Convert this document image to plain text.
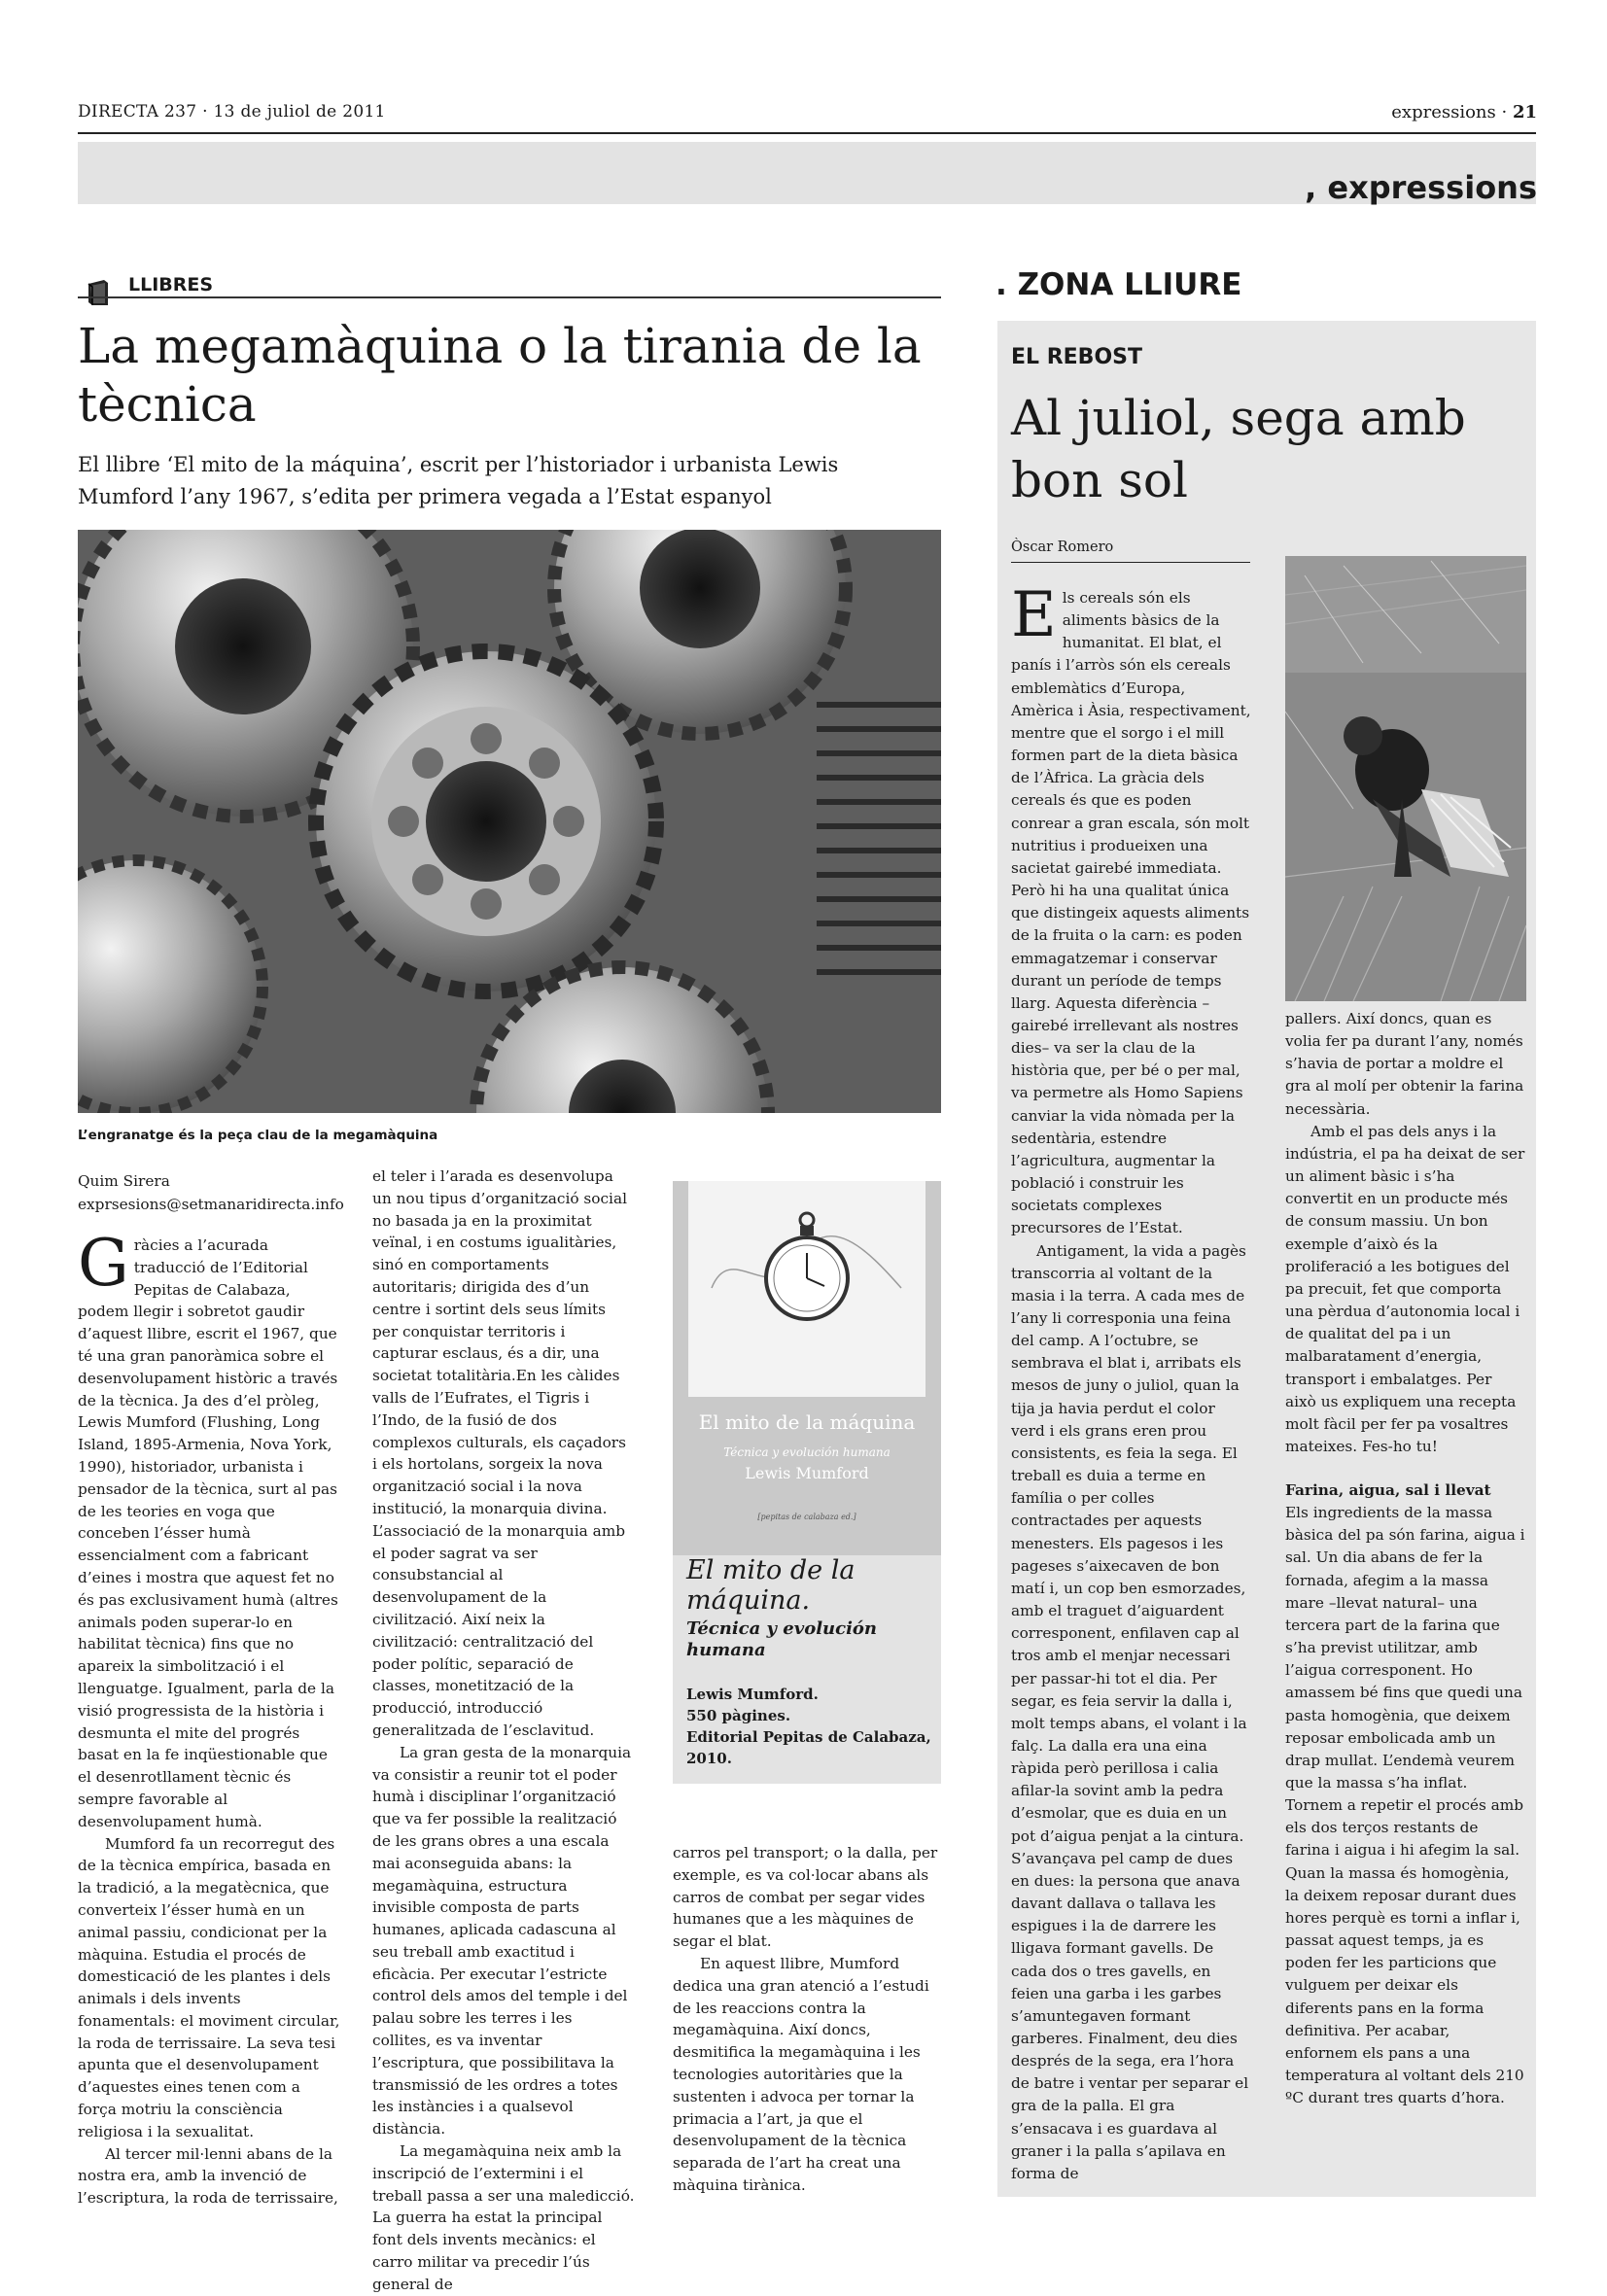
DIRECTA 237 · 13 de juliol de 2011	expressions · 21
, expressions
LLIBRES
La megamàquina o la tirania de la tècnica
El llibre ‘El mito de la máquina’, escrit per l’historiador i urbanista Lewis Mumford l’any 1967, s’edita per primera vegada a l’Estat espanyol
L’engranatge és la peça clau de la megamàquina
Quim Sirera
exprsesions@setmanaridirecta.info

Gràcies a l’acurada traducció de l’Editorial Pepitas de Calabaza, podem llegir i sobretot gaudir d’aquest llibre, escrit el 1967, que té una gran panoràmica sobre el desenvolupament històric a través de la tècnica. Ja des d’el pròleg, Lewis Mumford (Flushing, Long Island, 1895-Armenia, Nova York, 1990), historiador, urbanista i pensador de la tècnica, surt al pas de les teories en voga que conceben l’ésser humà essencialment com a fabricant d’eines i mostra que aquest fet no és pas exclusivament humà (altres animals poden superar-lo en habilitat tècnica) fins que no apareix la simbolització i el llenguatge. Igualment, parla de la visió progressista de la història i desmunta el mite del progrés basat en la fe inqüestionable que el desenrotllament tècnic és sempre favorable al desenvolupament humà.

Mumford fa un recorregut des de la tècnica empírica, basada en la tradició, a la megatècnica, que converteix l’ésser humà en un animal passiu, condicionat per la màquina. Estudia el procés de domesticació de les plantes i dels animals i dels invents fonamentals: el moviment circular, la roda de terrissaire. La seva tesi apunta que el desenvolupament d’aquestes eines tenen com a força motriu la consciència religiosa i la sexualitat.

Al tercer mil·lenni abans de la nostra era, amb la invenció de l’escriptura, la roda de terrissaire,

el teler i l’arada es desenvolupa un nou tipus d’organització social no basada ja en la proximitat veïnal, i en costums igualitàries, sinó en comportaments autoritaris; dirigida des d’un centre i sortint dels seus límits per conquistar territoris i capturar esclaus, és a dir, una societat totalitària.En les càlides valls de l’Eufrates, el Tigris i l’Indo, de la fusió de dos complexos culturals, els caçadors i els hortolans, sorgeix la nova organització social i la nova institució, la monarquia divina. L’associació de la monarquia amb el poder sagrat va ser consubstancial al desenvolupament de la civilització. Així neix la civilització: centralització del poder polític, separació de classes, monetització de la producció, introducció generalitzada de l’esclavitud.

La gran gesta de la monarquia va consistir a reunir tot el poder humà i disciplinar l’organització que va fer possible la realització de les grans obres a una escala mai aconseguida abans: la megamàquina, estructura invisible composta de parts humanes, aplicada cadascuna al seu treball amb exactitud i eficàcia. Per executar l’estricte control dels amos del temple i del palau sobre les terres i les collites, es va inventar l’escriptura, que possibilitava la transmissió de les ordres a totes les instàncies i a qualsevol distància.

La megamàquina neix amb la inscripció de l’extermini i el treball passa a ser una maledicció. La guerra ha estat la principal font dels invents mecànics: el carro militar va precedir l’ús general de

El mito de la máquina
Técnica y evolución humana
Lewis Mumford
[pepitas de calabaza ed.]
El mito de la máquina.
Técnica y evolución humana
Lewis Mumford.
550 pàgines.
Editorial Pepitas de Calabaza, 2010.

carros pel transport; o la dalla, per exemple, es va col·locar abans als carros de combat per segar vides humanes que a les màquines de segar el blat.

En aquest llibre, Mumford dedica una gran atenció a l’estudi de les reaccions contra la megamàquina. Així doncs, desmitifica la megamàquina i les tecnologies autoritàries que la sustenten i advoca per tornar la primacia a l’art, ja que el desenvolupament de la tècnica separada de l’art ha creat una màquina tirànica.

. ZONA LLIURE
EL REBOST
Al juliol, sega amb bon sol
Òscar Romero

Els cereals són els aliments bàsics de la humanitat. El blat, el panís i l’arròs són els cereals emblemàtics d’Europa, Amèrica i Àsia, respectivament, mentre que el sorgo i el mill formen part de la dieta bàsica de l’Àfrica. La gràcia dels cereals és que es poden conrear a gran escala, són molt nutritius i produeixen una sacietat gairebé immediata. Però hi ha una qualitat única que distingeix aquests aliments de la fruita o la carn: es poden emmagatzemar i conservar durant un període de temps llarg. Aquesta diferència –gairebé irrellevant als nostres dies– va ser la clau de la història que, per bé o per mal, va permetre als Homo Sapiens canviar la vida nòmada per la sedentària, estendre l’agricultura, augmentar la població i construir les societats complexes precursores de l’Estat.

Antigament, la vida a pagès transcorria al voltant de la masia i la terra. A cada mes de l’any li corresponia una feina del camp. A l’octubre, se sembrava el blat i, arribats els mesos de juny o juliol, quan la tija ja havia perdut el color verd i els grans eren prou consistents, es feia la sega. El treball es duia a terme en família o per colles contractades per aquests menesters. Els pagesos i les pageses s’aixecaven de bon matí i, un cop ben esmorzades, amb el traguet d’aiguardent corresponent, enfilaven cap al tros amb el menjar necessari per passar-hi tot el dia. Per segar, es feia servir la dalla i, molt temps abans, el volant i la falç. La dalla era una eina ràpida però perillosa i calia afilar-la sovint amb la pedra d’esmolar, que es duia en un pot d’aigua penjat a la cintura. S’avançava pel camp de dues en dues: la persona que anava davant dallava o tallava les espigues i la de darrere les lligava formant gavells. De cada dos o tres gavells, en feien una garba i les garbes s’amuntegaven formant garberes. Finalment, deu dies després de la sega, era l’hora de batre i ventar per separar el gra de la palla. El gra s’ensacava i es guardava al graner i la palla s’apilava en forma de

pallers. Així doncs, quan es volia fer pa durant l’any, només s’havia de portar a moldre el gra al molí per obtenir la farina necessària.

Amb el pas dels anys i la indústria, el pa ha deixat de ser un aliment bàsic i s’ha convertit en un producte més de consum massiu. Un bon exemple d’això és la proliferació a les botigues del pa precuit, fet que comporta una pèrdua d’autonomia local i de qualitat del pa i un malbaratament d’energia, transport i embalatges. Per això us expliquem una recepta molt fàcil per fer pa vosaltres mateixes. Fes-ho tu!

Farina, aigua, sal i llevat

Els ingredients de la massa bàsica del pa són farina, aigua i sal. Un dia abans de fer la fornada, afegim a la massa mare –llevat natural– una tercera part de la farina que s’ha previst utilitzar, amb l’aigua corresponent. Ho amassem bé fins que quedi una pasta homogènia, que deixem reposar embolicada amb un drap mullat. L’endemà veurem que la massa s’ha inflat. Tornem a repetir el procés amb els dos terços restants de farina i aigua i hi afegim la sal. Quan la massa és homogènia, la deixem reposar durant dues hores perquè es torni a inflar i, passat aquest temps, ja es poden fer les particions que vulguem per deixar els diferents pans en la forma definitiva. Per acabar, enfornem els pans a una temperatura al voltant dels 210 ºC durant tres quarts d’hora.
